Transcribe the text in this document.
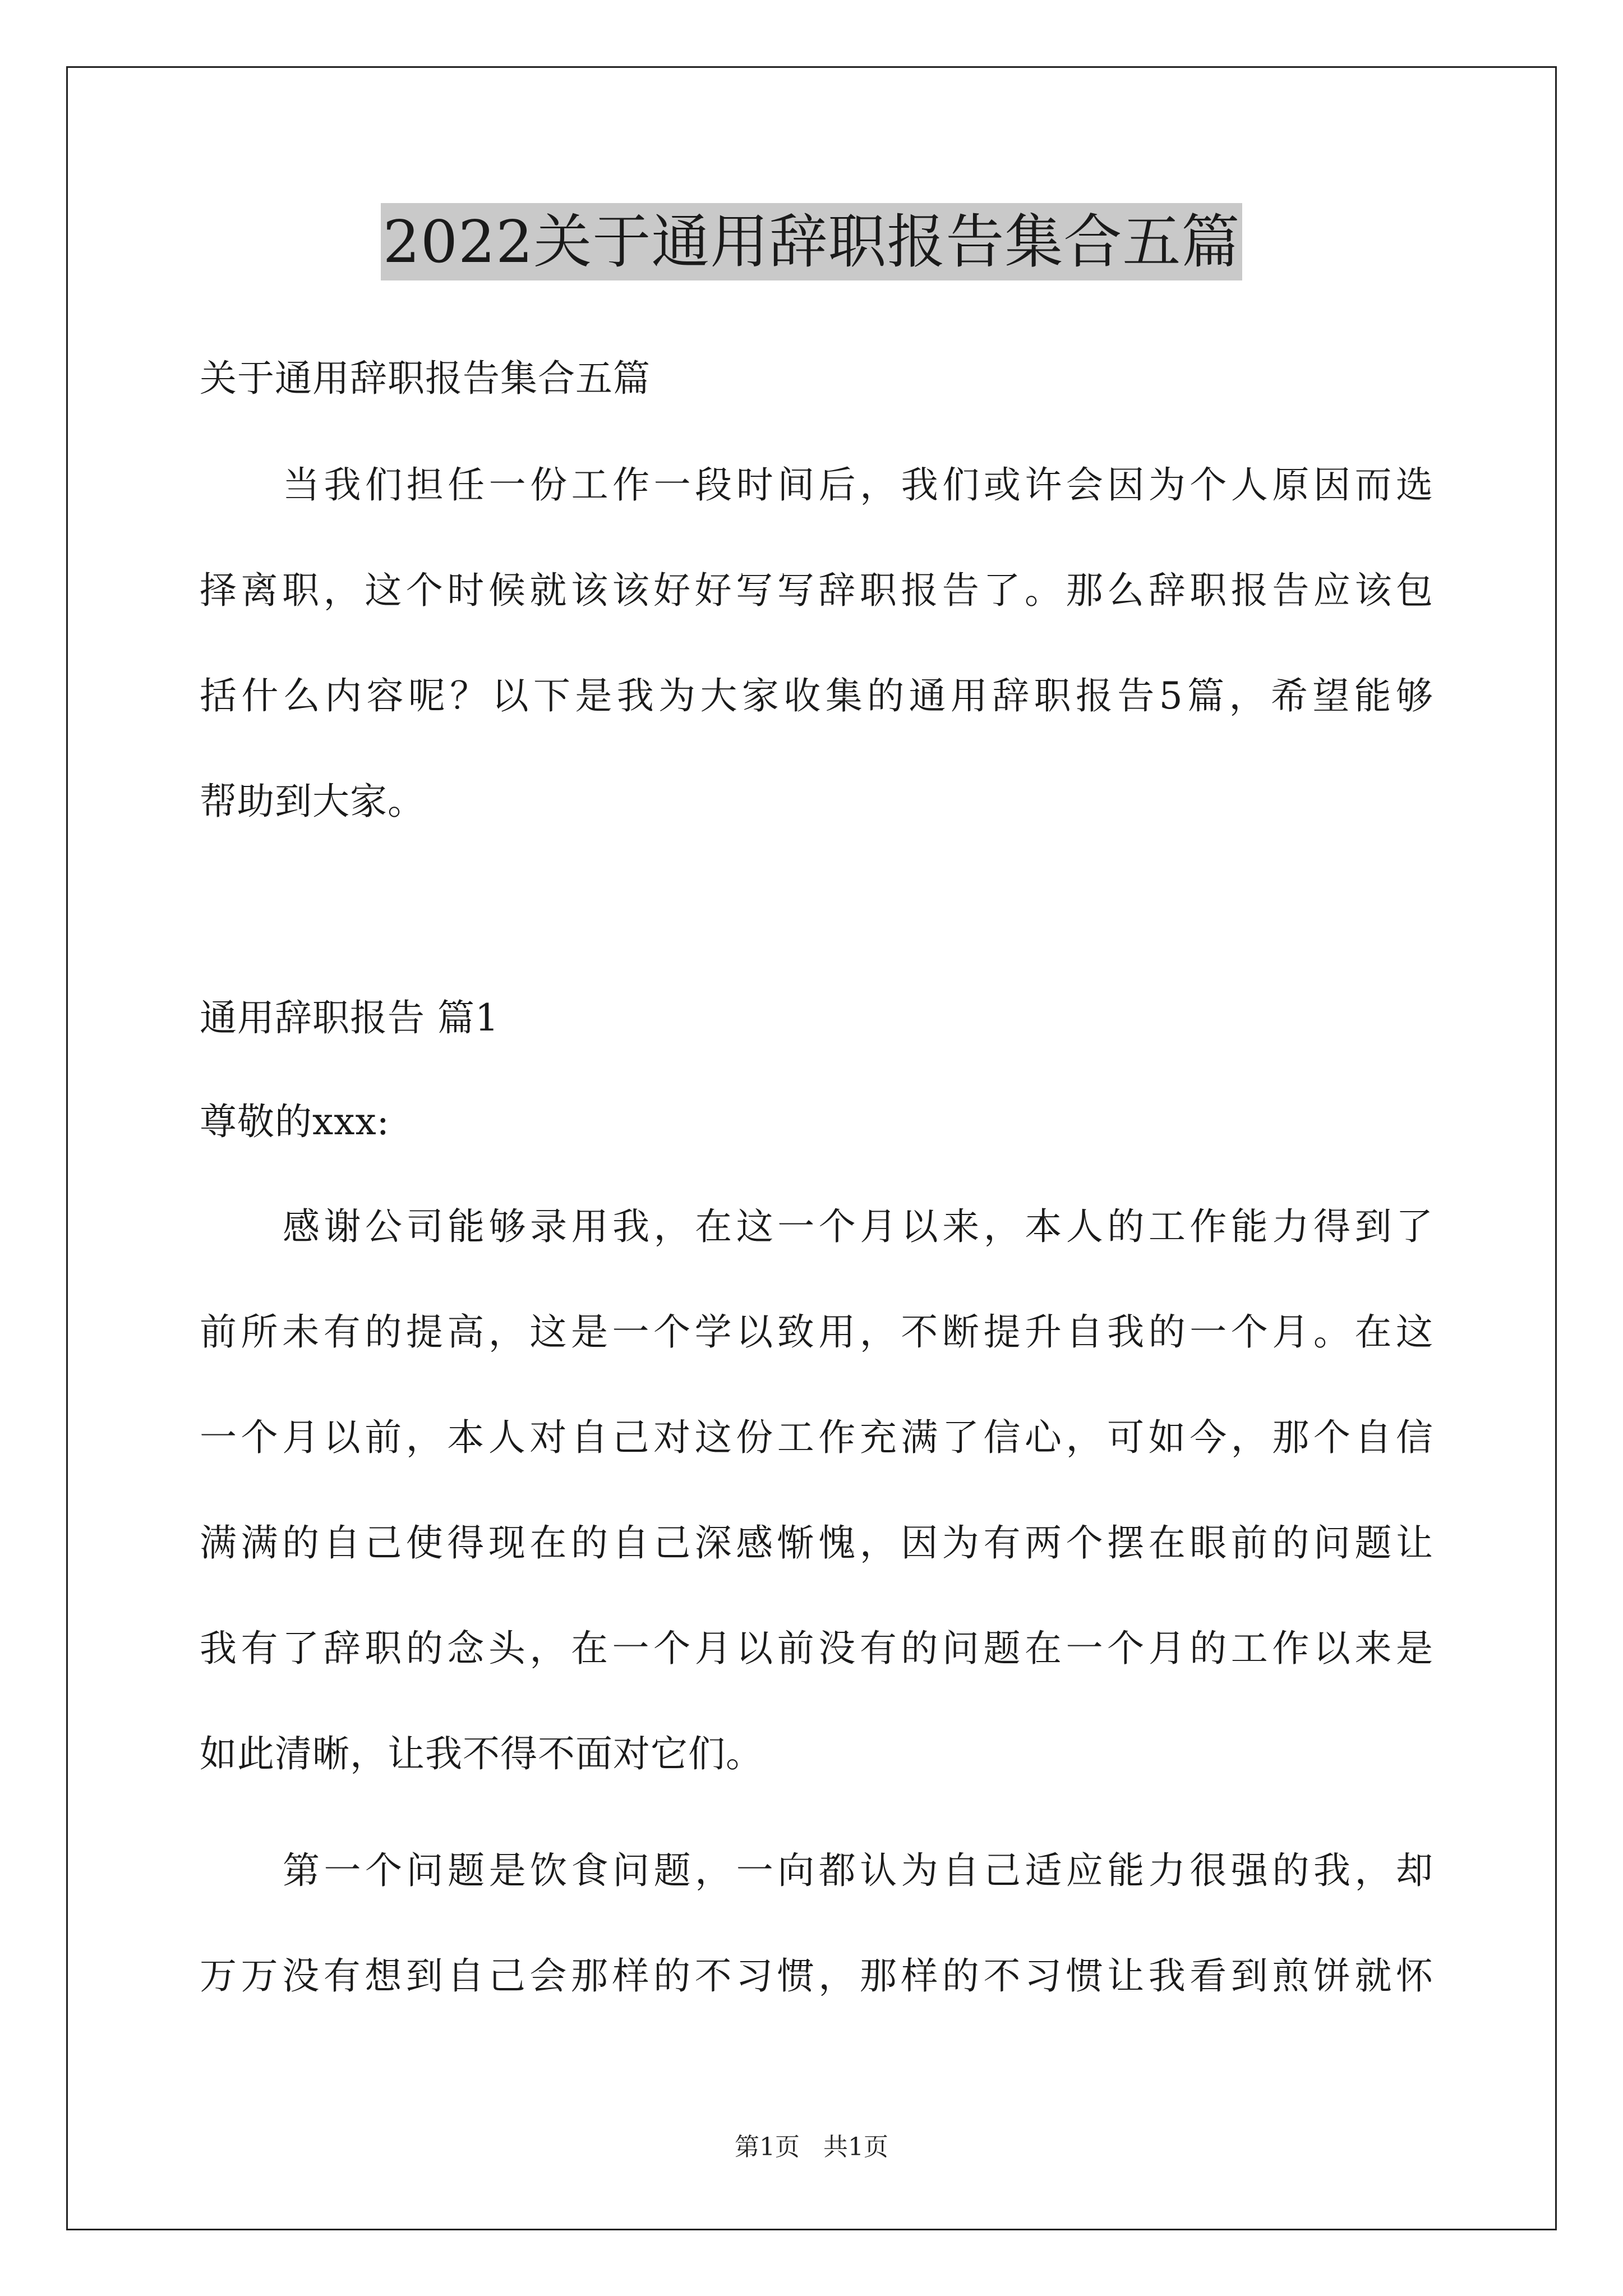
2022关于通用辞职报告集合五篇
关于通用辞职报告集合五篇
当我们担任一份工作一段时间后，我们或许会因为个人原因而选
择离职，这个时候就该该好好写写辞职报告了。那么辞职报告应该包
括什么内容呢？以下是我为大家收集的通用辞职报告5篇，希望能够
帮助到大家。
通用辞职报告 篇1
尊敬的xxx:
感谢公司能够录用我，在这一个月以来，本人的工作能力得到了
前所未有的提高，这是一个学以致用，不断提升自我的一个月。在这
一个月以前，本人对自己对这份工作充满了信心，可如今，那个自信
满满的自己使得现在的自己深感惭愧，因为有两个摆在眼前的问题让
我有了辞职的念头，在一个月以前没有的问题在一个月的工作以来是
如此清晰，让我不得不面对它们。
第一个问题是饮食问题，一向都认为自己适应能力很强的我，却
万万没有想到自己会那样的不习惯，那样的不习惯让我看到煎饼就怀
第1页 共1页
